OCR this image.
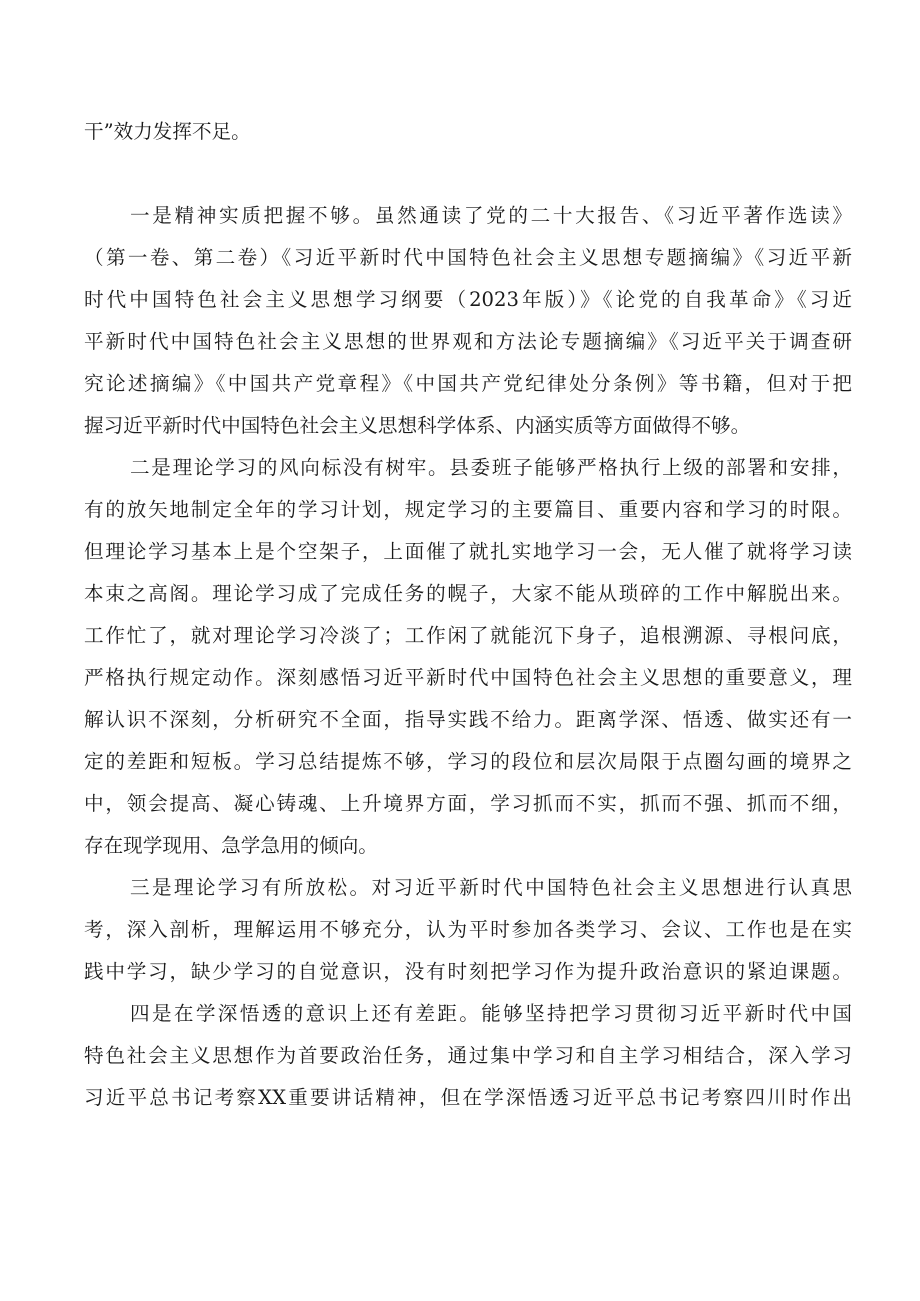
干”效力发挥不足。
一是精神实质把握不够。虽然通读了党的二十大报告、《习近平著作选读》
（第一卷、第二卷）《习近平新时代中国特色社会主义思想专题摘编》《习近平新
时代中国特色社会主义思想学习纲要（2023年版）》《论党的自我革命》《习近
平新时代中国特色社会主义思想的世界观和方法论专题摘编》《习近平关于调查研
究论述摘编》《中国共产党章程》《中国共产党纪律处分条例》等书籍，但对于把
握习近平新时代中国特色社会主义思想科学体系、内涵实质等方面做得不够。
二是理论学习的风向标没有树牢。县委班子能够严格执行上级的部署和安排，
有的放矢地制定全年的学习计划，规定学习的主要篇目、重要内容和学习的时限。
但理论学习基本上是个空架子，上面催了就扎实地学习一会，无人催了就将学习读
本束之高阁。理论学习成了完成任务的幌子，大家不能从琐碎的工作中解脱出来。
工作忙了，就对理论学习冷淡了；工作闲了就能沉下身子，追根溯源、寻根问底，
严格执行规定动作。深刻感悟习近平新时代中国特色社会主义思想的重要意义，理
解认识不深刻，分析研究不全面，指导实践不给力。距离学深、悟透、做实还有一
定的差距和短板。学习总结提炼不够，学习的段位和层次局限于点圈勾画的境界之
中，领会提高、凝心铸魂、上升境界方面，学习抓而不实，抓而不强、抓而不细，
存在现学现用、急学急用的倾向。
三是理论学习有所放松。对习近平新时代中国特色社会主义思想进行认真思
考，深入剖析，理解运用不够充分，认为平时参加各类学习、会议、工作也是在实
践中学习，缺少学习的自觉意识，没有时刻把学习作为提升政治意识的紧迫课题。
四是在学深悟透的意识上还有差距。能够坚持把学习贯彻习近平新时代中国
特色社会主义思想作为首要政治任务，通过集中学习和自主学习相结合，深入学习
习近平总书记考察XX重要讲话精神，但在学深悟透习近平总书记考察四川时作出
